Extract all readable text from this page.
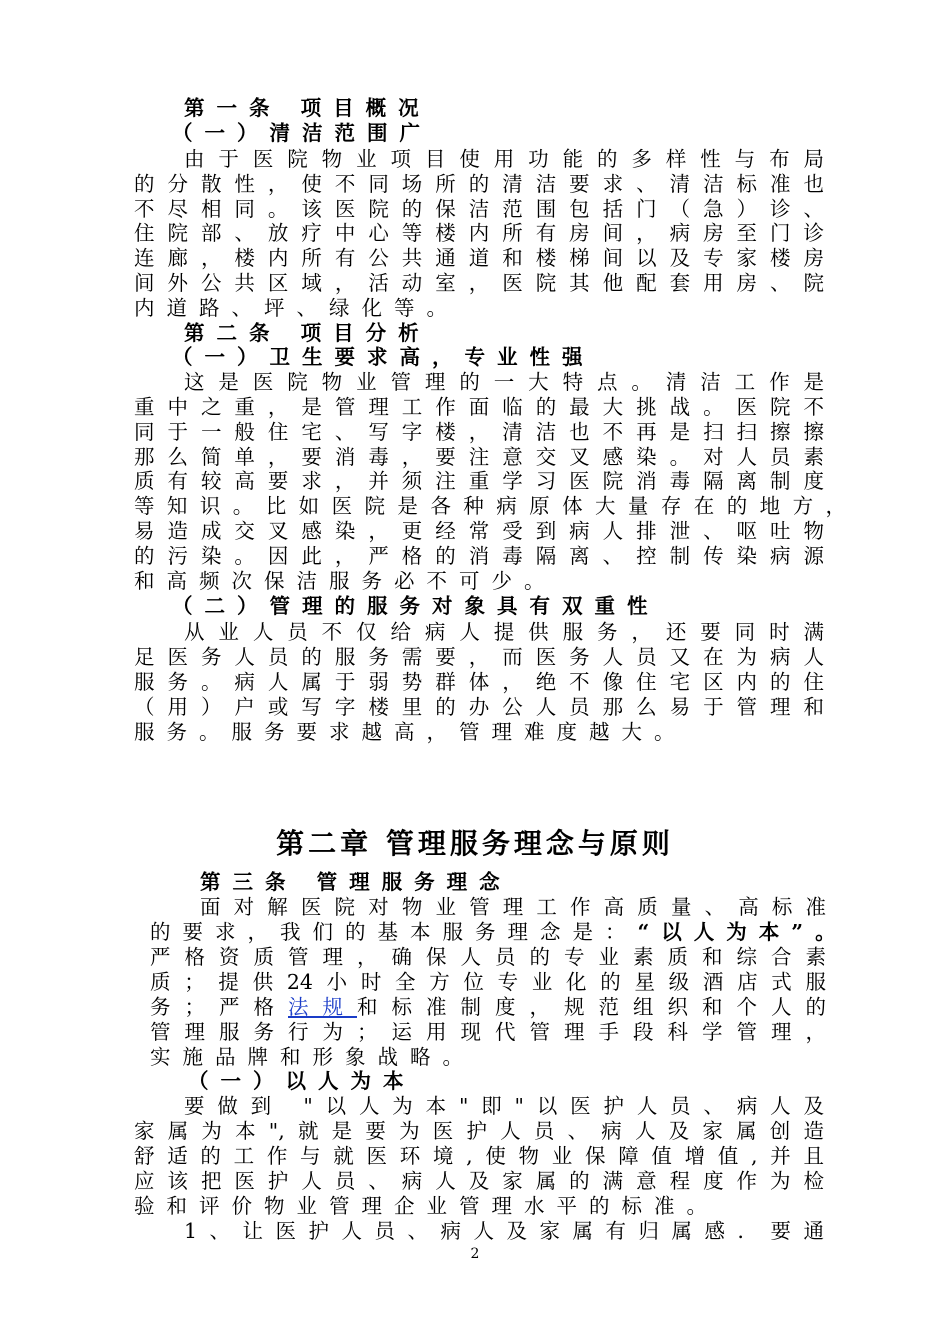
第一条 项目概况
（一）清洁范围广
由于医院物业项目使用功能的多样性与布局
的分散性，使不同场所的清洁要求、清洁标准也
不尽相同。该医院的保洁范围包括门（急）诊、
住院部、放疗中心等楼内所有房间，病房至门诊
连廊，楼内所有公共通道和楼梯间以及专家楼房
间外公共区域，活动室，医院其他配套用房、院
内道路、坪、绿化等。
第二条 项目分析
（一）卫生要求高，专业性强
这是医院物业管理的一大特点。清洁工作是
重中之重，是管理工作面临的最大挑战。医院不
同于一般住宅、写字楼，清洁也不再是扫扫擦擦
那么简单，要消毒，要注意交叉感染。对人员素
质有较高要求，并须注重学习医院消毒隔离制度
等知识。比如医院是各种病原体大量存在的地方，
易造成交叉感染，更经常受到病人排泄、呕吐物
的污染。因此，严格的消毒隔离、控制传染病源
和高频次保洁服务必不可少。
（二）管理的服务对象具有双重性
从业人员不仅给病人提供服务，还要同时满
足医务人员的服务需要，而医务人员又在为病人
服务。病人属于弱势群体，绝不像住宅区内的住
（用）户或写字楼里的办公人员那么易于管理和
服务。服务要求越高，管理难度越大。
第二章 管理服务理念与原则
第三条 管理服务理念
面对解医院对物业管理工作高质量、高标准
的要求，我们的基本服务理念是：“以人为本”。
严格资质管理，确保人员的专业素质和综合素
质；提供24小时全方位专业化的星级酒店式服
务；严格法规和标准制度，规范组织和个人的
管理服务行为；运用现代管理手段科学管理，
实施品牌和形象战略。
（一）以人为本
要做到 "以人为本"即"以医护人员、病人及
家属为本",就是要为医护人员、病人及家属创造
舒适的工作与就医环境,使物业保障值增值,并且
应该把医护人员、病人及家属的满意程度作为检
验和评价物业管理企业管理水平的标准。
1、让医护人员、病人及家属有归属感．要通
2
